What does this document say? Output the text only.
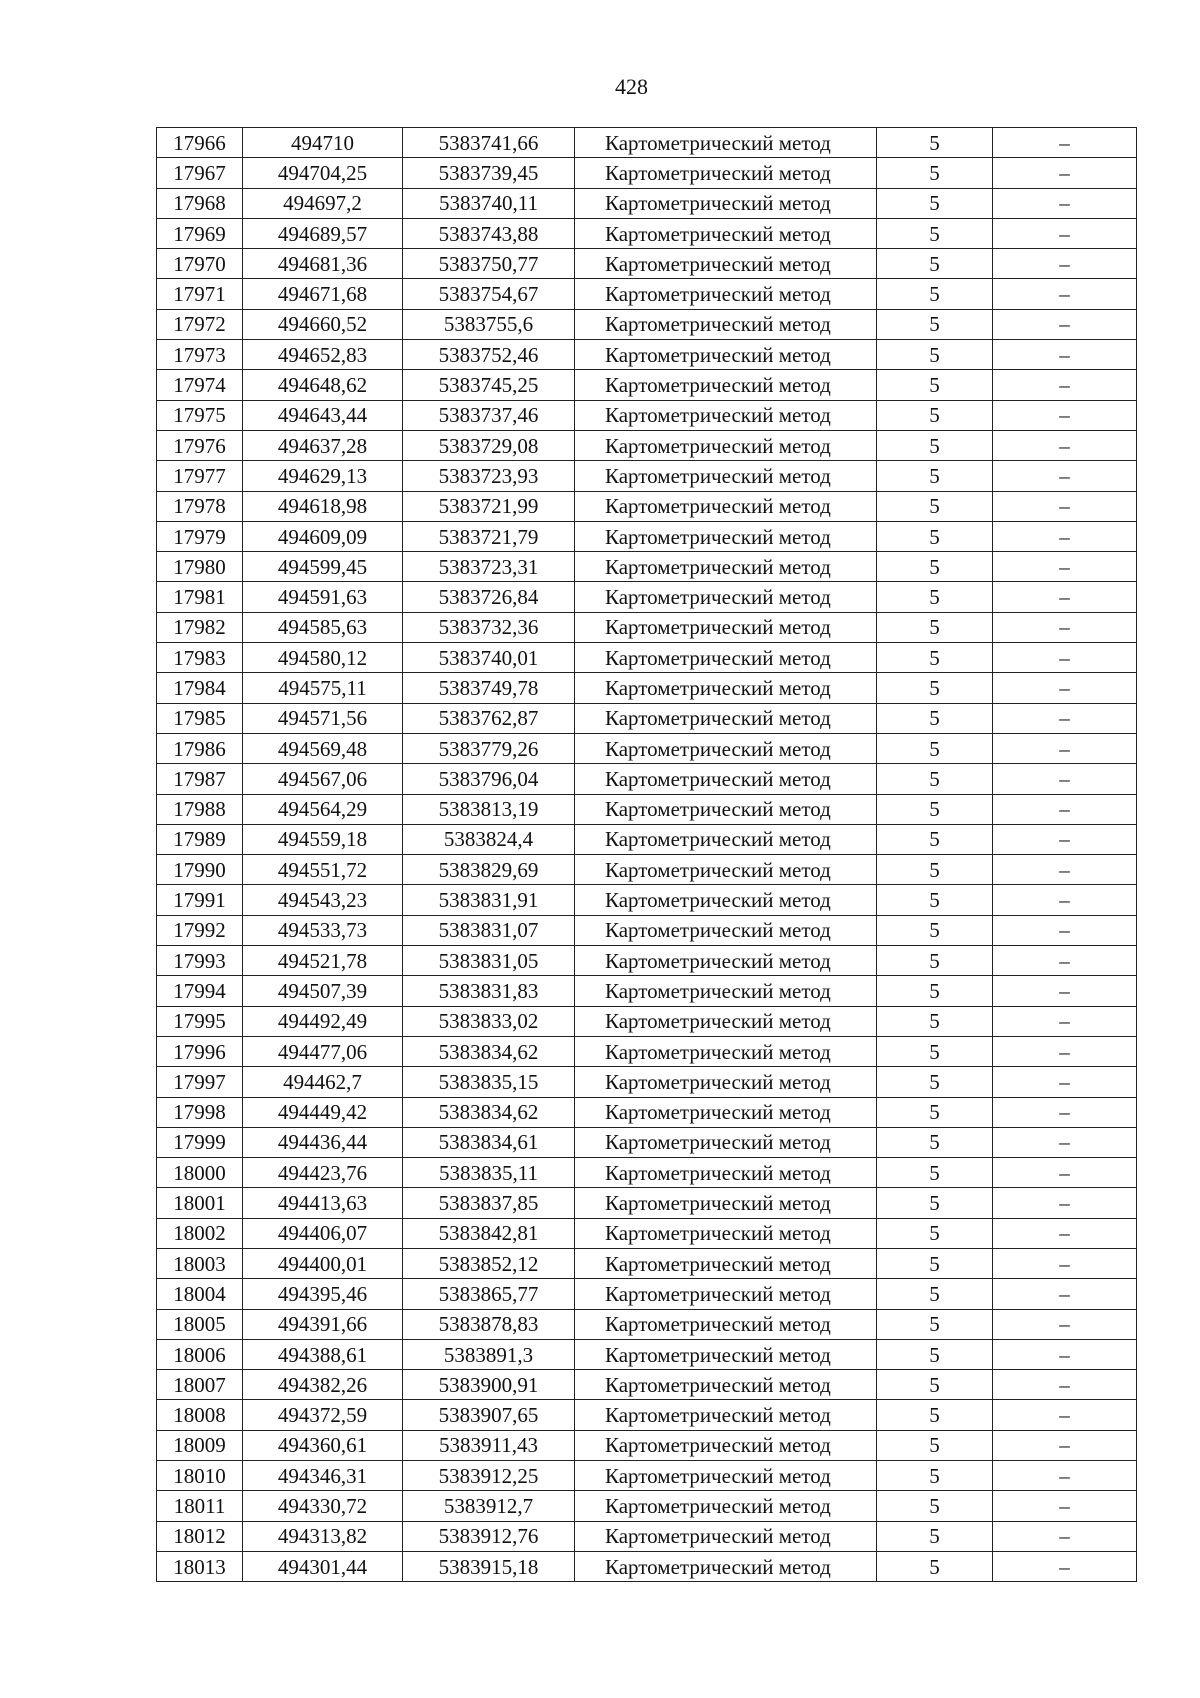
428
17966	494710	5383741,66	Картометрический метод	5	–
17967	494704,25	5383739,45	Картометрический метод	5	–
17968	494697,2	5383740,11	Картометрический метод	5	–
17969	494689,57	5383743,88	Картометрический метод	5	–
17970	494681,36	5383750,77	Картометрический метод	5	–
17971	494671,68	5383754,67	Картометрический метод	5	–
17972	494660,52	5383755,6	Картометрический метод	5	–
17973	494652,83	5383752,46	Картометрический метод	5	–
17974	494648,62	5383745,25	Картометрический метод	5	–
17975	494643,44	5383737,46	Картометрический метод	5	–
17976	494637,28	5383729,08	Картометрический метод	5	–
17977	494629,13	5383723,93	Картометрический метод	5	–
17978	494618,98	5383721,99	Картометрический метод	5	–
17979	494609,09	5383721,79	Картометрический метод	5	–
17980	494599,45	5383723,31	Картометрический метод	5	–
17981	494591,63	5383726,84	Картометрический метод	5	–
17982	494585,63	5383732,36	Картометрический метод	5	–
17983	494580,12	5383740,01	Картометрический метод	5	–
17984	494575,11	5383749,78	Картометрический метод	5	–
17985	494571,56	5383762,87	Картометрический метод	5	–
17986	494569,48	5383779,26	Картометрический метод	5	–
17987	494567,06	5383796,04	Картометрический метод	5	–
17988	494564,29	5383813,19	Картометрический метод	5	–
17989	494559,18	5383824,4	Картометрический метод	5	–
17990	494551,72	5383829,69	Картометрический метод	5	–
17991	494543,23	5383831,91	Картометрический метод	5	–
17992	494533,73	5383831,07	Картометрический метод	5	–
17993	494521,78	5383831,05	Картометрический метод	5	–
17994	494507,39	5383831,83	Картометрический метод	5	–
17995	494492,49	5383833,02	Картометрический метод	5	–
17996	494477,06	5383834,62	Картометрический метод	5	–
17997	494462,7	5383835,15	Картометрический метод	5	–
17998	494449,42	5383834,62	Картометрический метод	5	–
17999	494436,44	5383834,61	Картометрический метод	5	–
18000	494423,76	5383835,11	Картометрический метод	5	–
18001	494413,63	5383837,85	Картометрический метод	5	–
18002	494406,07	5383842,81	Картометрический метод	5	–
18003	494400,01	5383852,12	Картометрический метод	5	–
18004	494395,46	5383865,77	Картометрический метод	5	–
18005	494391,66	5383878,83	Картометрический метод	5	–
18006	494388,61	5383891,3	Картометрический метод	5	–
18007	494382,26	5383900,91	Картометрический метод	5	–
18008	494372,59	5383907,65	Картометрический метод	5	–
18009	494360,61	5383911,43	Картометрический метод	5	–
18010	494346,31	5383912,25	Картометрический метод	5	–
18011	494330,72	5383912,7	Картометрический метод	5	–
18012	494313,82	5383912,76	Картометрический метод	5	–
18013	494301,44	5383915,18	Картометрический метод	5	–
